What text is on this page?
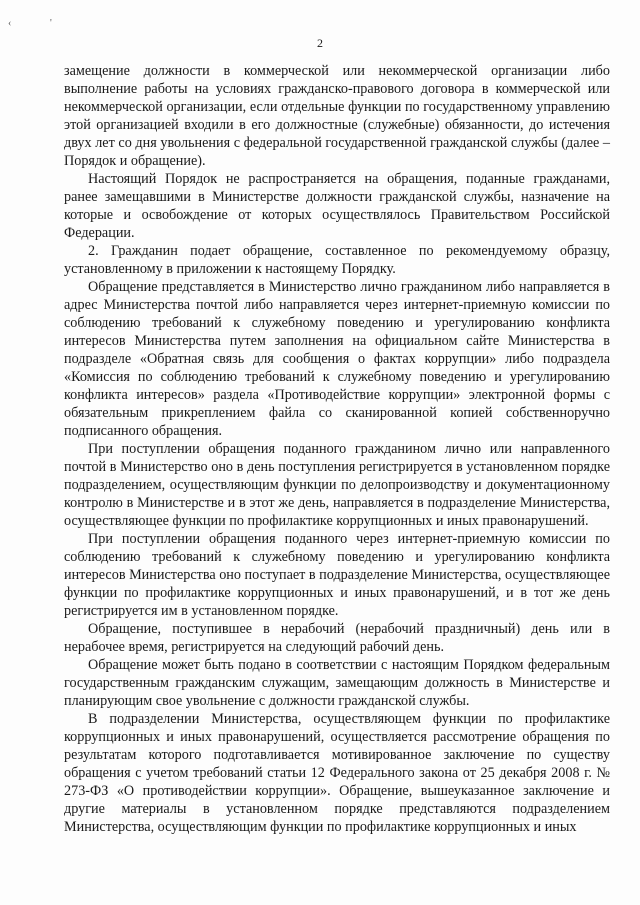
‹	'
2

замещение должности в коммерческой или некоммерческой организации либо выполнение работы на условиях гражданско-правового договора в коммерческой или некоммерческой организации, если отдельные функции по государственному управлению этой организацией входили в его должностные (служебные) обязанности, до истечения двух лет со дня увольнения с федеральной государственной гражданской службы (далее – Порядок и обращение).

Настоящий Порядок не распространяется на обращения, поданные гражданами, ранее замещавшими в Министерстве должности гражданской службы, назначение на которые и освобождение от которых осуществлялось Правительством Российской Федерации.

2. Гражданин подает обращение, составленное по рекомендуемому образцу, установленному в приложении к настоящему Порядку.

Обращение представляется в Министерство лично гражданином либо направляется в адрес Министерства почтой либо направляется через интернет-приемную комиссии по соблюдению требований к служебному поведению и урегулированию конфликта интересов Министерства путем заполнения на официальном сайте Министерства в подразделе «Обратная связь для сообщения о фактах коррупции» либо подраздела «Комиссия по соблюдению требований к служебному поведению и урегулированию конфликта интересов» раздела «Противодействие коррупции» электронной формы с обязательным прикреплением файла со сканированной копией собственноручно подписанного обращения.

При поступлении обращения поданного гражданином лично или направленного почтой в Министерство оно в день поступления регистрируется в установленном порядке подразделением, осуществляющим функции по делопроизводству и документационному контролю в Министерстве и в этот же день, направляется в подразделение Министерства, осуществляющее функции по профилактике коррупционных и иных правонарушений.

При поступлении обращения поданного через интернет-приемную комиссии по соблюдению требований к служебному поведению и урегулированию конфликта интересов Министерства оно поступает в подразделение Министерства, осуществляющее функции по профилактике коррупционных и иных правонарушений, и в тот же день регистрируется им в установленном порядке.

Обращение, поступившее в нерабочий (нерабочий праздничный) день или в нерабочее время, регистрируется на следующий рабочий день.

Обращение может быть подано в соответствии с настоящим Порядком федеральным государственным гражданским служащим, замещающим должность в Министерстве и планирующим свое увольнение с должности гражданской службы.

В подразделении Министерства, осуществляющем функции по профилактике коррупционных и иных правонарушений, осуществляется рассмотрение обращения по результатам которого подготавливается мотивированное заключение по существу обращения с учетом требований статьи 12 Федерального закона от 25 декабря 2008 г. № 273-ФЗ «О противодействии коррупции». Обращение, вышеуказанное заключение и другие материалы в установленном порядке представляются подразделением Министерства, осуществляющим функции по профилактике коррупционных и иных
